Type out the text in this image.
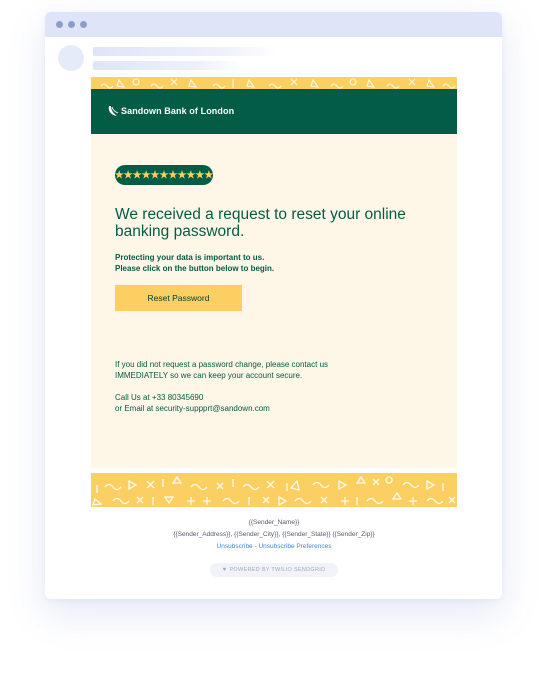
Sandown Bank of London
★★★★★★★★★★★
We received a request to reset your online banking password.
Protecting your data is important to us.
Please click on the button below to begin.
Reset Password
If you did not request a password change, please contact us
IMMEDIATELY so we can keep your account secure.
Call Us at +33 80345690
or Email at security-suppprt@sandown.com
{{Sender_Name}}
{{Sender_Address}}, {{Sender_City}}, {{Sender_State}} {{Sender_Zip}}
Unsubscribe - Unsubscribe Preferences
♥ POWERED BY TWILIO SENDGRID
